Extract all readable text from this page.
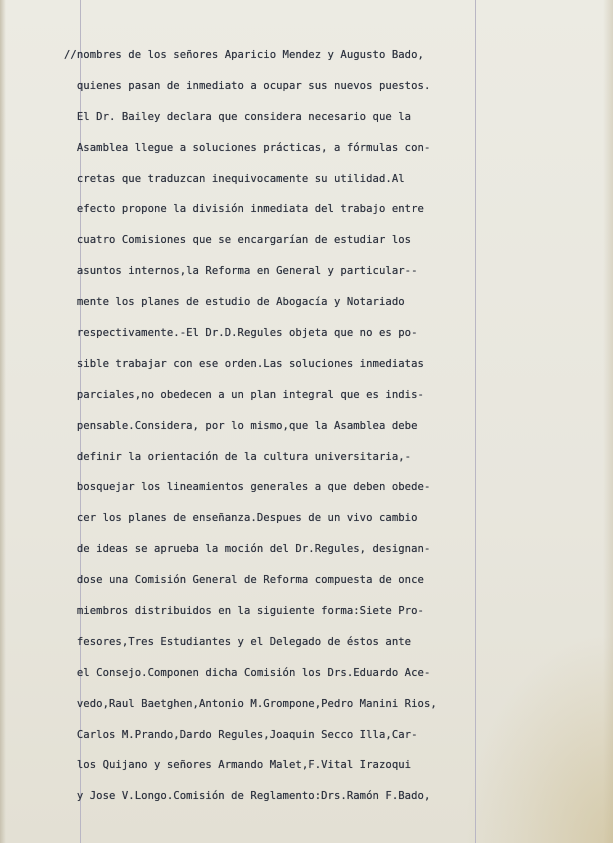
//nombres de los señores Aparicio Mendez y Augusto Bado,
quienes pasan de inmediato a ocupar sus nuevos puestos.
El Dr. Bailey declara que considera necesario que la
Asamblea llegue a soluciones prácticas, a fórmulas con-
cretas que traduzcan inequivocamente su utilidad.Al
efecto propone la división inmediata del trabajo entre
cuatro Comisiones que se encargarían de estudiar los
asuntos internos,la Reforma en General y particular--
mente los planes de estudio de Abogacía y Notariado
respectivamente.-El Dr.D.Regules objeta que no es po-
sible trabajar con ese orden.Las soluciones inmediatas
parciales,no obedecen a un plan integral que es indis-
pensable.Considera, por lo mismo,que la Asamblea debe
definir la orientación de la cultura universitaria,-
bosquejar los lineamientos generales a que deben obede-
cer los planes de enseñanza.Despues de un vivo cambio
de ideas se aprueba la moción del Dr.Regules, designan-
dose una Comisión General de Reforma compuesta de once
miembros distribuidos en la siguiente forma:Siete Pro-
fesores,Tres Estudiantes y el Delegado de éstos ante
el Consejo.Componen dicha Comisión los Drs.Eduardo Ace-
vedo,Raul Baetghen,Antonio M.Grompone,Pedro Manini Rios,
Carlos M.Prando,Dardo Regules,Joaquin Secco Illa,Car-
los Quijano y señores Armando Malet,F.Vital Irazoqui
y Jose V.Longo.Comisión de Reglamento:Drs.Ramón F.Bado,
